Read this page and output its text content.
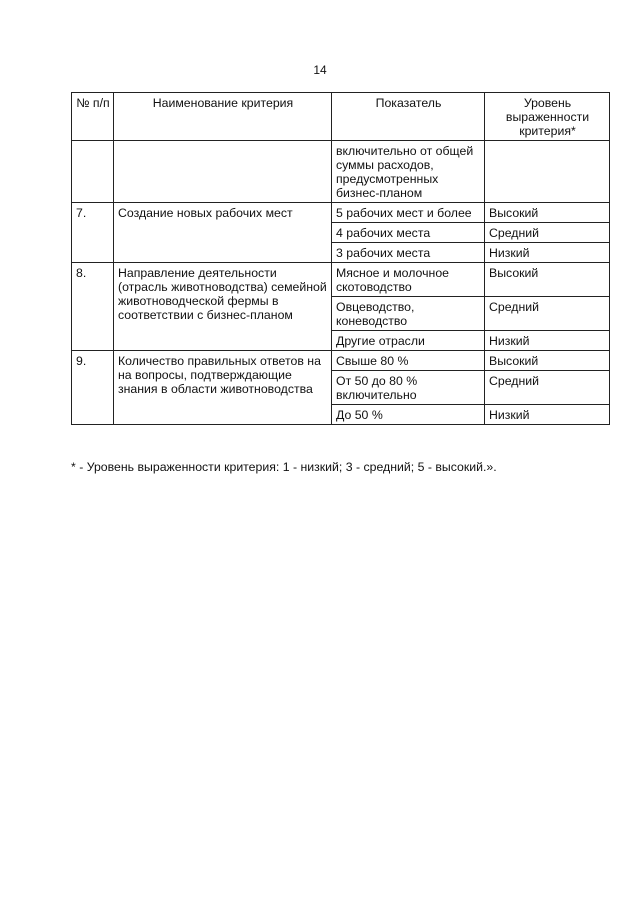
14
№ п/п	Наименование критерия	Показатель	Уровень выраженности критерия*
		включительно от общей суммы расходов, предусмотренных бизнес-планом	
7.	Создание новых рабочих мест	5 рабочих мест и более	Высокий
		4 рабочих места	Средний
		3 рабочих места	Низкий
8.	Направление деятельности (отрасль животноводства) семейной животноводческой фермы в соответствии с бизнес-планом	Мясное и молочное скотоводство	Высокий
		Овцеводство, коневодство	Средний
		Другие отрасли	Низкий
9.	Количество правильных ответов на на вопросы, подтверждающие знания в области животноводства	Свыше 80 %	Высокий
		От 50 до 80 % включительно	Средний
		До 50 %	Низкий
* - Уровень выраженности критерия: 1 - низкий; 3 - средний; 5 - высокий.».
